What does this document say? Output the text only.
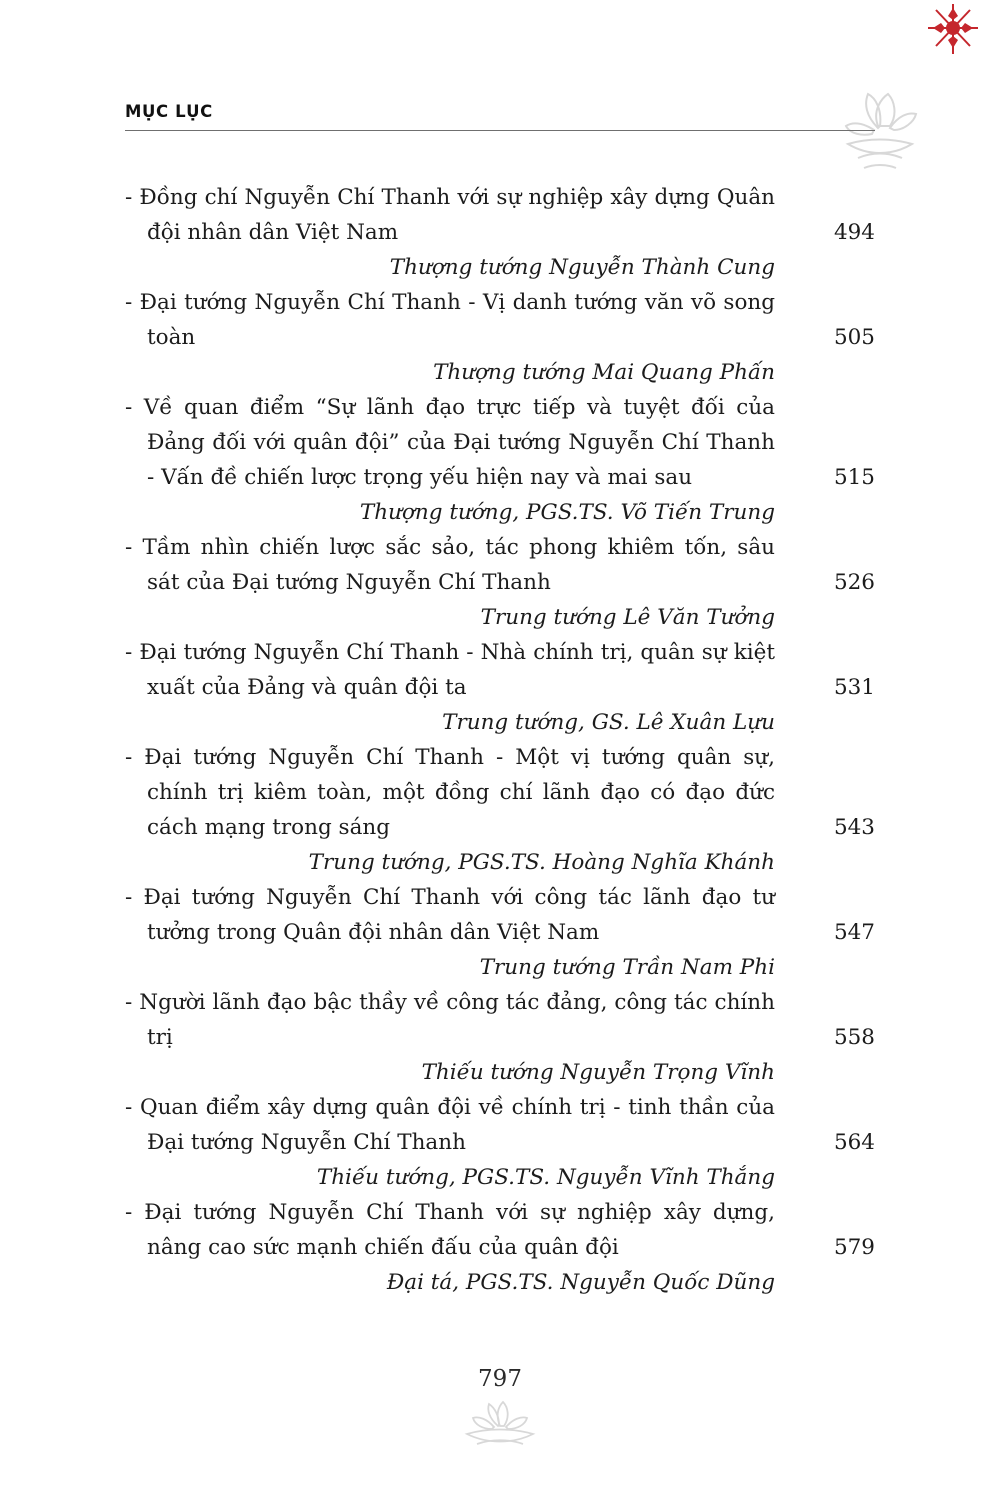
MỤC LỤC

- Đồng chí Nguyễn Chí Thanh với sự nghiệp xây dựng Quân đội nhân dân Việt Nam	494

Thượng tướng Nguyễn Thành Cung

- Đại tướng Nguyễn Chí Thanh - Vị danh tướng văn võ song toàn	505

Thượng tướng Mai Quang Phấn

- Về quan điểm “Sự lãnh đạo trực tiếp và tuyệt đối của Đảng đối với quân đội” của Đại tướng Nguyễn Chí Thanh - Vấn đề chiến lược trọng yếu hiện nay và mai sau	515

Thượng tướng, PGS.TS. Võ Tiến Trung

- Tầm nhìn chiến lược sắc sảo, tác phong khiêm tốn, sâu sát của Đại tướng Nguyễn Chí Thanh	526

Trung tướng Lê Văn Tưởng

- Đại tướng Nguyễn Chí Thanh - Nhà chính trị, quân sự kiệt xuất của Đảng và quân đội ta	531

Trung tướng, GS. Lê Xuân Lựu

- Đại tướng Nguyễn Chí Thanh - Một vị tướng quân sự, chính trị kiêm toàn, một đồng chí lãnh đạo có đạo đức cách mạng trong sáng	543

Trung tướng, PGS.TS. Hoàng Nghĩa Khánh

- Đại tướng Nguyễn Chí Thanh với công tác lãnh đạo tư tưởng trong Quân đội nhân dân Việt Nam	547

Trung tướng Trần Nam Phi

- Người lãnh đạo bậc thầy về công tác đảng, công tác chính trị	558

Thiếu tướng Nguyễn Trọng Vĩnh

- Quan điểm xây dựng quân đội về chính trị - tinh thần của Đại tướng Nguyễn Chí Thanh	564

Thiếu tướng, PGS.TS. Nguyễn Vĩnh Thắng

- Đại tướng Nguyễn Chí Thanh với sự nghiệp xây dựng, nâng cao sức mạnh chiến đấu của quân đội	579

Đại tá, PGS.TS. Nguyễn Quốc Dũng

797
